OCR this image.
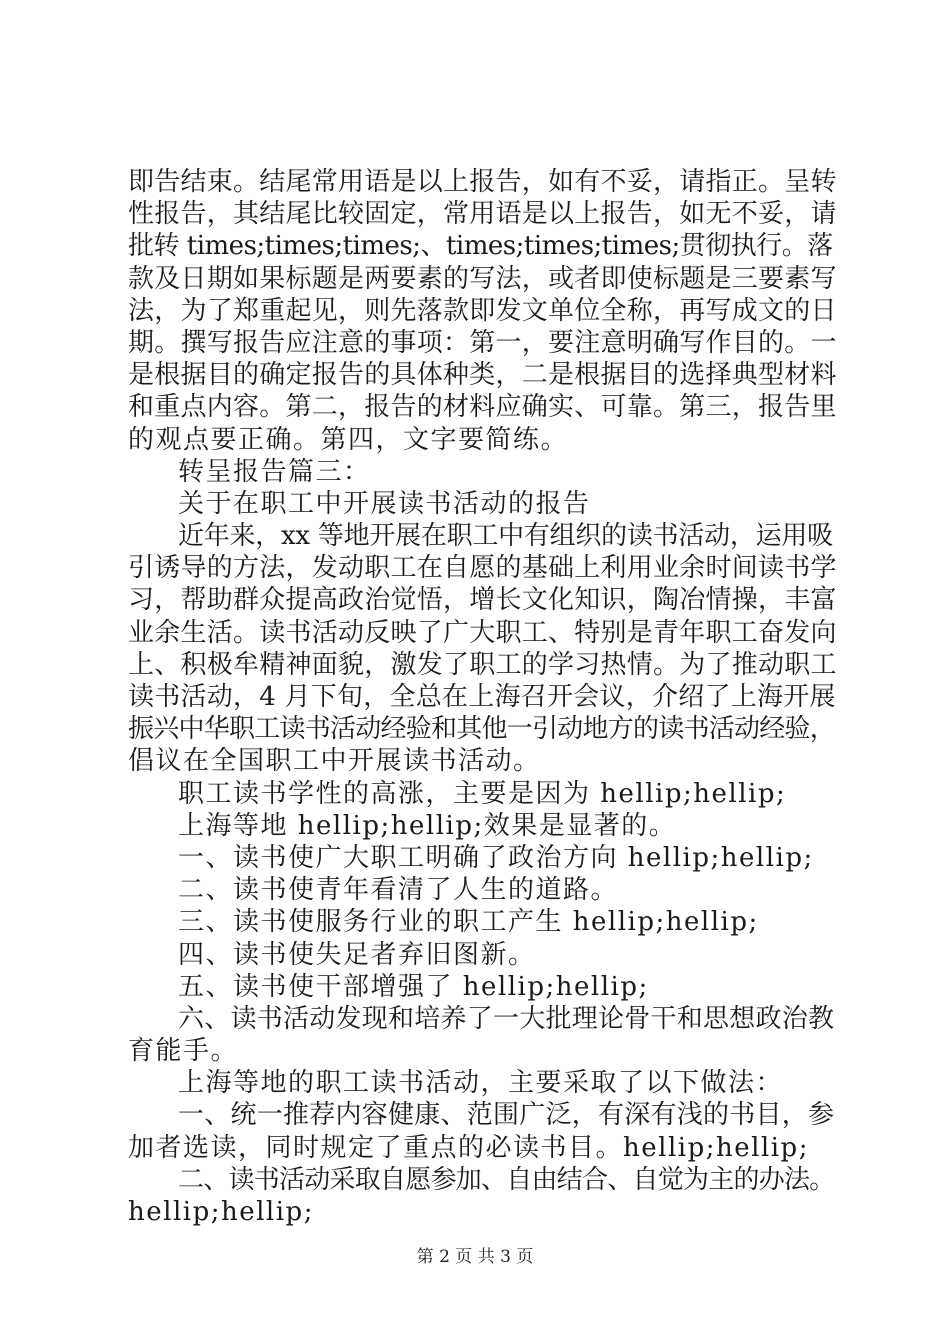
即告结束。结尾常用语是以上报告，如有不妥，请指正。呈转
性报告，其结尾比较固定，常用语是以上报告，如无不妥，请
批转 times;times;times;、times;times;times;贯彻执行。落
款及日期如果标题是两要素的写法，或者即使标题是三要素写
法，为了郑重起见，则先落款即发文单位全称，再写成文的日
期。撰写报告应注意的事项：第一，要注意明确写作目的。一
是根据目的确定报告的具体种类，二是根据目的选择典型材料
和重点内容。第二，报告的材料应确实、可靠。第三，报告里
的观点要正确。第四，文字要简练。
转呈报告篇三：
关于在职工中开展读书活动的报告
近年来，xx 等地开展在职工中有组织的读书活动，运用吸
引诱导的方法，发动职工在自愿的基础上利用业余时间读书学
习，帮助群众提高政治觉悟，增长文化知识，陶冶情操，丰富
业余生活。读书活动反映了广大职工、特别是青年职工奋发向
上、积极牟精神面貌，激发了职工的学习热情。为了推动职工
读书活动，4 月下旬，全总在上海召开会议，介绍了上海开展
振兴中华职工读书活动经验和其他一引动地方的读书活动经验，
倡议在全国职工中开展读书活动。
职工读书学性的高涨，主要是因为 hellip;hellip;
上海等地 hellip;hellip;效果是显著的。
一、读书使广大职工明确了政治方向 hellip;hellip;
二、读书使青年看清了人生的道路。
三、读书使服务行业的职工产生 hellip;hellip;
四、读书使失足者弃旧图新。
五、读书使干部增强了 hellip;hellip;
六、读书活动发现和培养了一大批理论骨干和思想政治教
育能手。
上海等地的职工读书活动，主要采取了以下做法：
一、统一推荐内容健康、范围广泛，有深有浅的书目，参
加者选读，同时规定了重点的必读书目。hellip;hellip;
二、读书活动采取自愿参加、自由结合、自觉为主的办法。
hellip;hellip;
第 2 页 共 3 页
